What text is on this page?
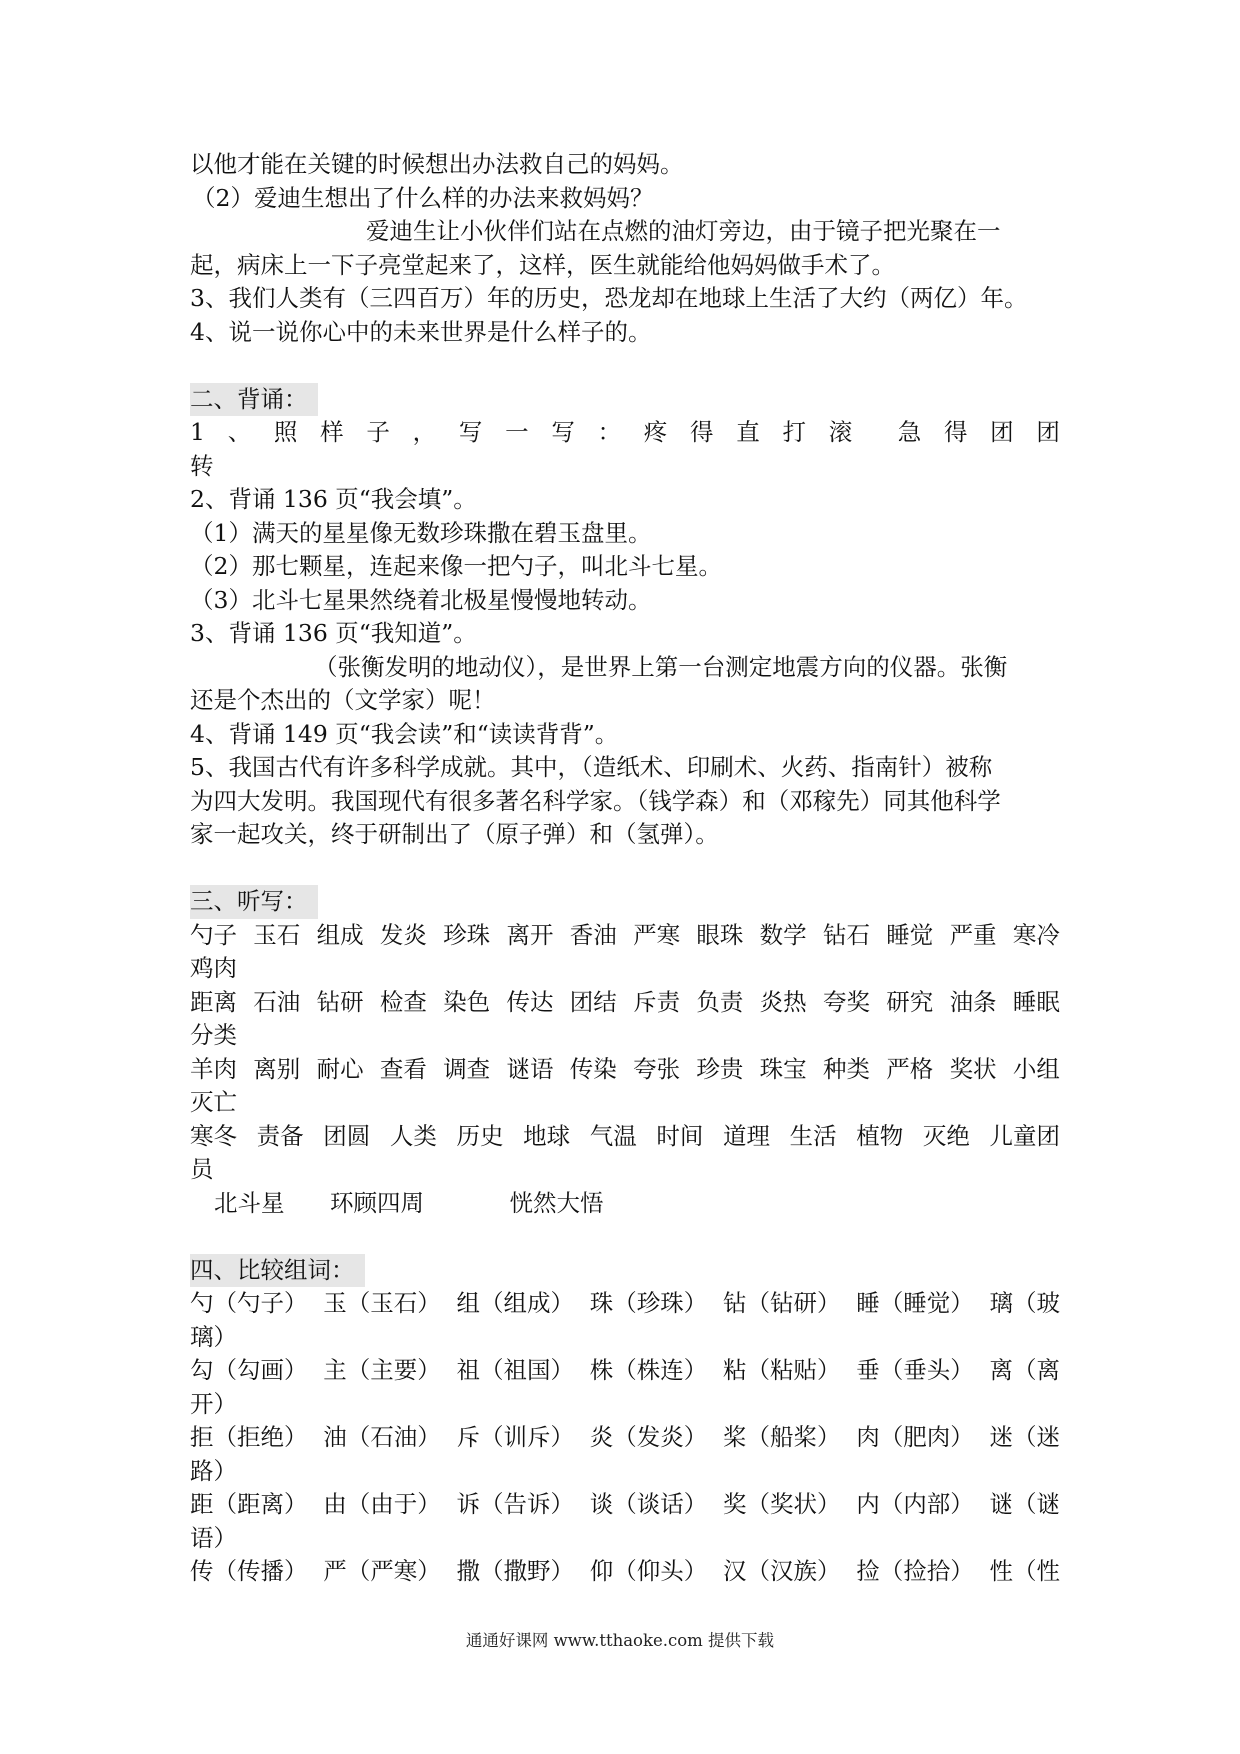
以他才能在关键的时候想出办法救自己的妈妈。
（2）爱迪生想出了什么样的办法来救妈妈？
爱迪生让小伙伴们站在点燃的油灯旁边，由于镜子把光聚在一
起，病床上一下子亮堂起来了，这样，医生就能给他妈妈做手术了。
3、我们人类有（三四百万）年的历史，恐龙却在地球上生活了大约（两亿）年。
4、说一说你心中的未来世界是什么样子的。
二、背诵：
1 、 照 样 子 ， 写 一 写 ： 疼 得 直 打 滚 急 得 团 团
转
2、背诵 136 页“我会填”。
（1）满天的星星像无数珍珠撒在碧玉盘里。
（2）那七颗星，连起来像一把勺子，叫北斗七星。
（3）北斗七星果然绕着北极星慢慢地转动。
3、背诵 136 页“我知道”。
（张衡发明的地动仪），是世界上第一台测定地震方向的仪器。张衡
还是个杰出的（文学家）呢！
4、背诵 149 页“我会读”和“读读背背”。
5、我国古代有许多科学成就。其中，（造纸术、印刷术、火药、指南针）被称
为四大发明。我国现代有很多著名科学家。（钱学森）和（邓稼先）同其他科学
家一起攻关，终于研制出了（原子弹）和（氢弹）。
三、听写：
勺子 玉石 组成 发炎 珍珠 离开 香油 严寒 眼珠 数学 钻石 睡觉 严重 寒冷
鸡肉
距离 石油 钻研 检查 染色 传达 团结 斥责 负责 炎热 夸奖 研究 油条 睡眠
分类
羊肉 离别 耐心 查看 调查 谜语 传染 夸张 珍贵 珠宝 种类 严格 奖状 小组
灭亡
寒冬 责备 团圆 人类 历史 地球 气温 时间 道理 生活 植物 灭绝 儿童团
员
北斗星 环顾四周	恍然大悟
四、比较组词：
勺（勺子） 玉（玉石） 组（组成） 珠（珍珠） 钻（钻研） 睡（睡觉） 璃（玻
璃）
勾（勾画） 主（主要） 祖（祖国） 株（株连） 粘（粘贴） 垂（垂头） 离（离
开）
拒（拒绝） 油（石油） 斥（训斥） 炎（发炎） 桨（船桨） 肉（肥肉） 迷（迷
路）
距（距离） 由（由于） 诉（告诉） 谈（谈话） 奖（奖状） 内（内部） 谜（谜
语）
传（传播） 严（严寒） 撒（撒野） 仰（仰头） 汉（汉族） 捡（捡拾） 性（性
通通好课网 www.tthaoke.com 提供下载
